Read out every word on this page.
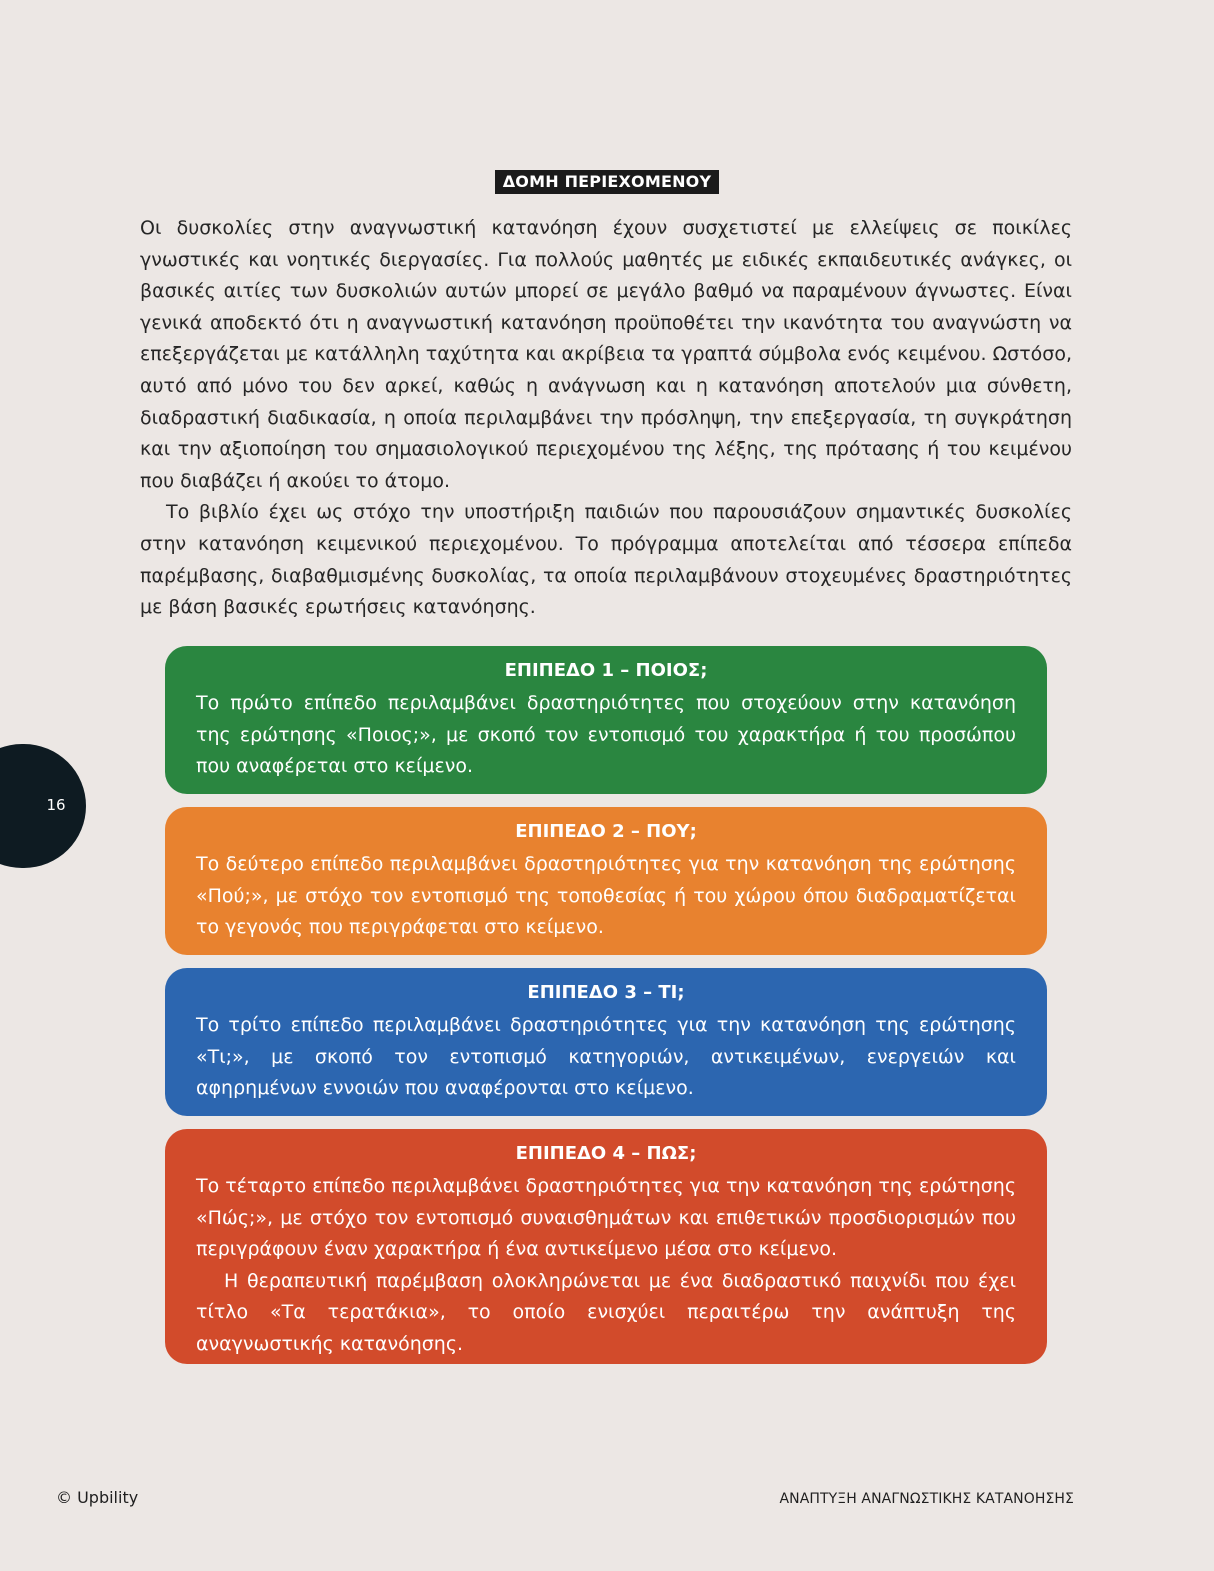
ΔΟΜΗ ΠΕΡΙΕΧΟΜΕΝΟΥ

Οι δυσκολίες στην αναγνωστική κατανόηση έχουν συσχετιστεί με ελλείψεις σε ποικίλες γνωστικές και νοητικές διεργασίες. Για πολλούς μαθητές με ειδικές εκπαιδευτικές ανάγκες, οι βασικές αιτίες των δυσκολιών αυτών μπορεί σε μεγάλο βαθμό να παραμένουν άγνωστες. Είναι γενικά αποδεκτό ότι η αναγνωστική κατανόηση προϋποθέτει την ικανότητα του αναγνώστη να επεξεργάζεται με κατάλληλη ταχύτητα και ακρίβεια τα γραπτά σύμβολα ενός κειμένου. Ωστόσο, αυτό από μόνο του δεν αρκεί, καθώς η ανάγνωση και η κατανόηση αποτελούν μια σύνθετη, διαδραστική διαδικασία, η οποία περιλαμβάνει την πρόσληψη, την επεξεργασία, τη συγκράτηση και την αξιοποίηση του σημασιολογικού περιεχομένου της λέξης, της πρότασης ή του κειμένου που διαβάζει ή ακούει το άτομο.

Το βιβλίο έχει ως στόχο την υποστήριξη παιδιών που παρουσιάζουν σημαντικές δυσκολίες στην κατανόηση κειμενικού περιεχομένου. Το πρόγραμμα αποτελείται από τέσσερα επίπεδα παρέμβασης, διαβαθμισμένης δυσκολίας, τα οποία περιλαμβάνουν στοχευμένες δραστηριότητες με βάση βασικές ερωτήσεις κατανόησης.

ΕΠΙΠΕΔΟ 1 – ΠΟΙΟΣ;

Το πρώτο επίπεδο περιλαμβάνει δραστηριότητες που στοχεύουν στην κατανόηση της ερώτησης «Ποιος;», με σκοπό τον εντοπισμό του χαρακτήρα ή του προσώπου που αναφέρεται στο κείμενο.

ΕΠΙΠΕΔΟ 2 – ΠΟΥ;

Το δεύτερο επίπεδο περιλαμβάνει δραστηριότητες για την κατανόηση της ερώτησης «Πού;», με στόχο τον εντοπισμό της τοποθεσίας ή του χώρου όπου διαδραματίζεται το γεγονός που περιγράφεται στο κείμενο.

ΕΠΙΠΕΔΟ 3 – ΤΙ;

Το τρίτο επίπεδο περιλαμβάνει δραστηριότητες για την κατανόηση της ερώτησης «Τι;», με σκοπό τον εντοπισμό κατηγοριών, αντικειμένων, ενεργειών και αφηρημένων εννοιών που αναφέρονται στο κείμενο.

ΕΠΙΠΕΔΟ 4 – ΠΩΣ;

Το τέταρτο επίπεδο περιλαμβάνει δραστηριότητες για την κατανόηση της ερώτησης «Πώς;», με στόχο τον εντοπισμό συναισθημάτων και επιθετικών προσδιορισμών που περιγράφουν έναν χαρακτήρα ή ένα αντικείμενο μέσα στο κείμενο.

Η θεραπευτική παρέμβαση ολοκληρώνεται με ένα διαδραστικό παιχνίδι που έχει τίτλο «Τα τερατάκια», το οποίο ενισχύει περαιτέρω την ανάπτυξη της αναγνωστικής κατανόησης.

16
© Upbility	ΑΝΑΠΤΥΞΗ ΑΝΑΓΝΩΣΤΙΚΗΣ ΚΑΤΑΝΟΗΣΗΣ
